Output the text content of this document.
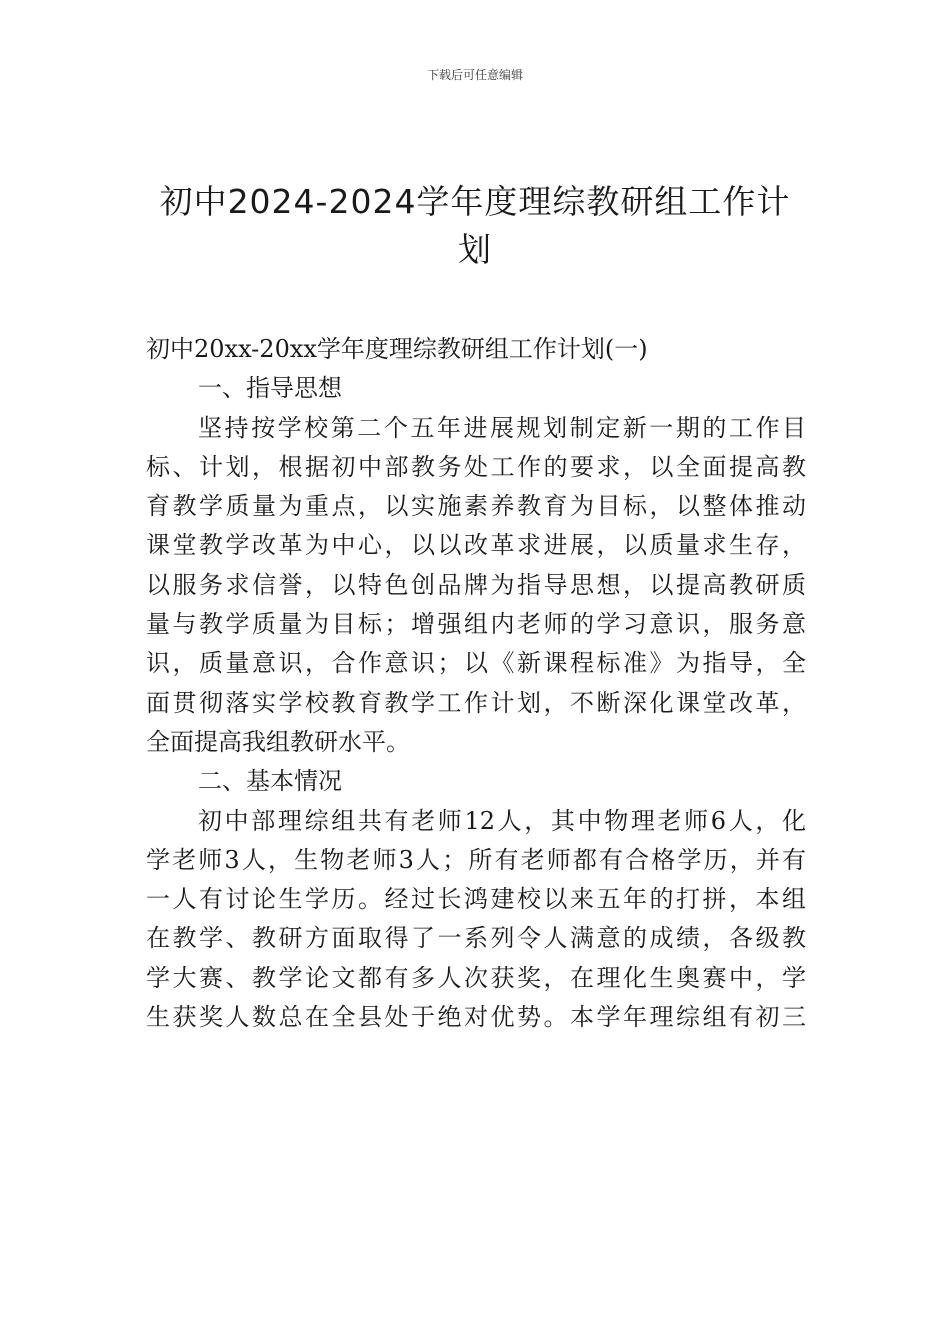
下载后可任意编辑
初中2024-2024学年度理综教研组工作计划
初中20xx-20xx学年度理综教研组工作计划(一)
一、指导思想
坚持按学校第二个五年进展规划制定新一期的工作目
标、计划，根据初中部教务处工作的要求，以全面提高教
育教学质量为重点，以实施素养教育为目标，以整体推动
课堂教学改革为中心，以以改革求进展，以质量求生存，
以服务求信誉，以特色创品牌为指导思想，以提高教研质
量与教学质量为目标；增强组内老师的学习意识，服务意
识，质量意识，合作意识；以《新课程标准》为指导，全
面贯彻落实学校教育教学工作计划，不断深化课堂改革，
全面提高我组教研水平。
二、基本情况
初中部理综组共有老师12人，其中物理老师6人，化
学老师3人，生物老师3人；所有老师都有合格学历，并有
一人有讨论生学历。经过长鸿建校以来五年的打拼，本组
在教学、教研方面取得了一系列令人满意的成绩，各级教
学大赛、教学论文都有多人次获奖，在理化生奥赛中，学
生获奖人数总在全县处于绝对优势。本学年理综组有初三
